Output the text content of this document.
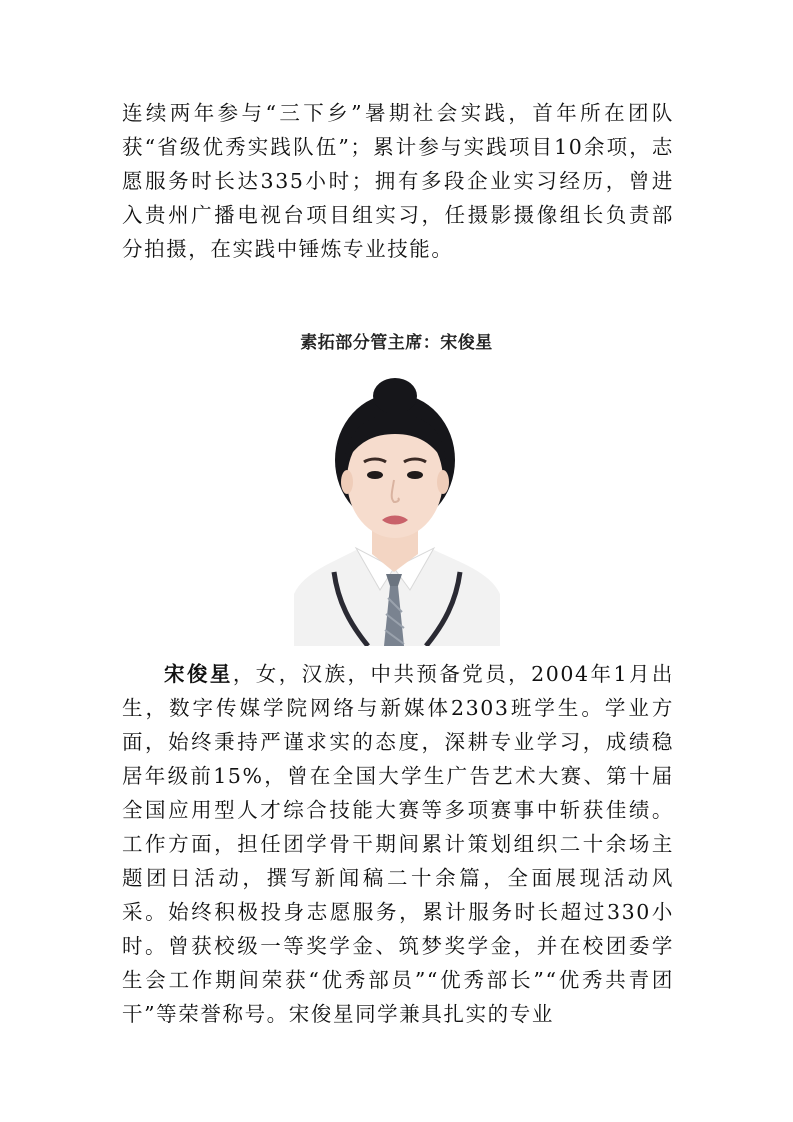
连续两年参与“三下乡”暑期社会实践，首年所在团队获“省级优秀实践队伍”；累计参与实践项目10余项，志愿服务时长达335小时；拥有多段企业实习经历，曾进入贵州广播电视台项目组实习，任摄影摄像组长负责部分拍摄，在实践中锤炼专业技能。
素拓部分管主席：宋俊星
宋俊星，女，汉族，中共预备党员，2004年1月出生，数字传媒学院网络与新媒体2303班学生。学业方面，始终秉持严谨求实的态度，深耕专业学习，成绩稳居年级前15%，曾在全国大学生广告艺术大赛、第十届全国应用型人才综合技能大赛等多项赛事中斩获佳绩。工作方面，担任团学骨干期间累计策划组织二十余场主题团日活动，撰写新闻稿二十余篇，全面展现活动风采。始终积极投身志愿服务，累计服务时长超过330小时。曾获校级一等奖学金、筑梦奖学金，并在校团委学生会工作期间荣获“优秀部员”“优秀部长”“优秀共青团干”等荣誉称号。宋俊星同学兼具扎实的专业
